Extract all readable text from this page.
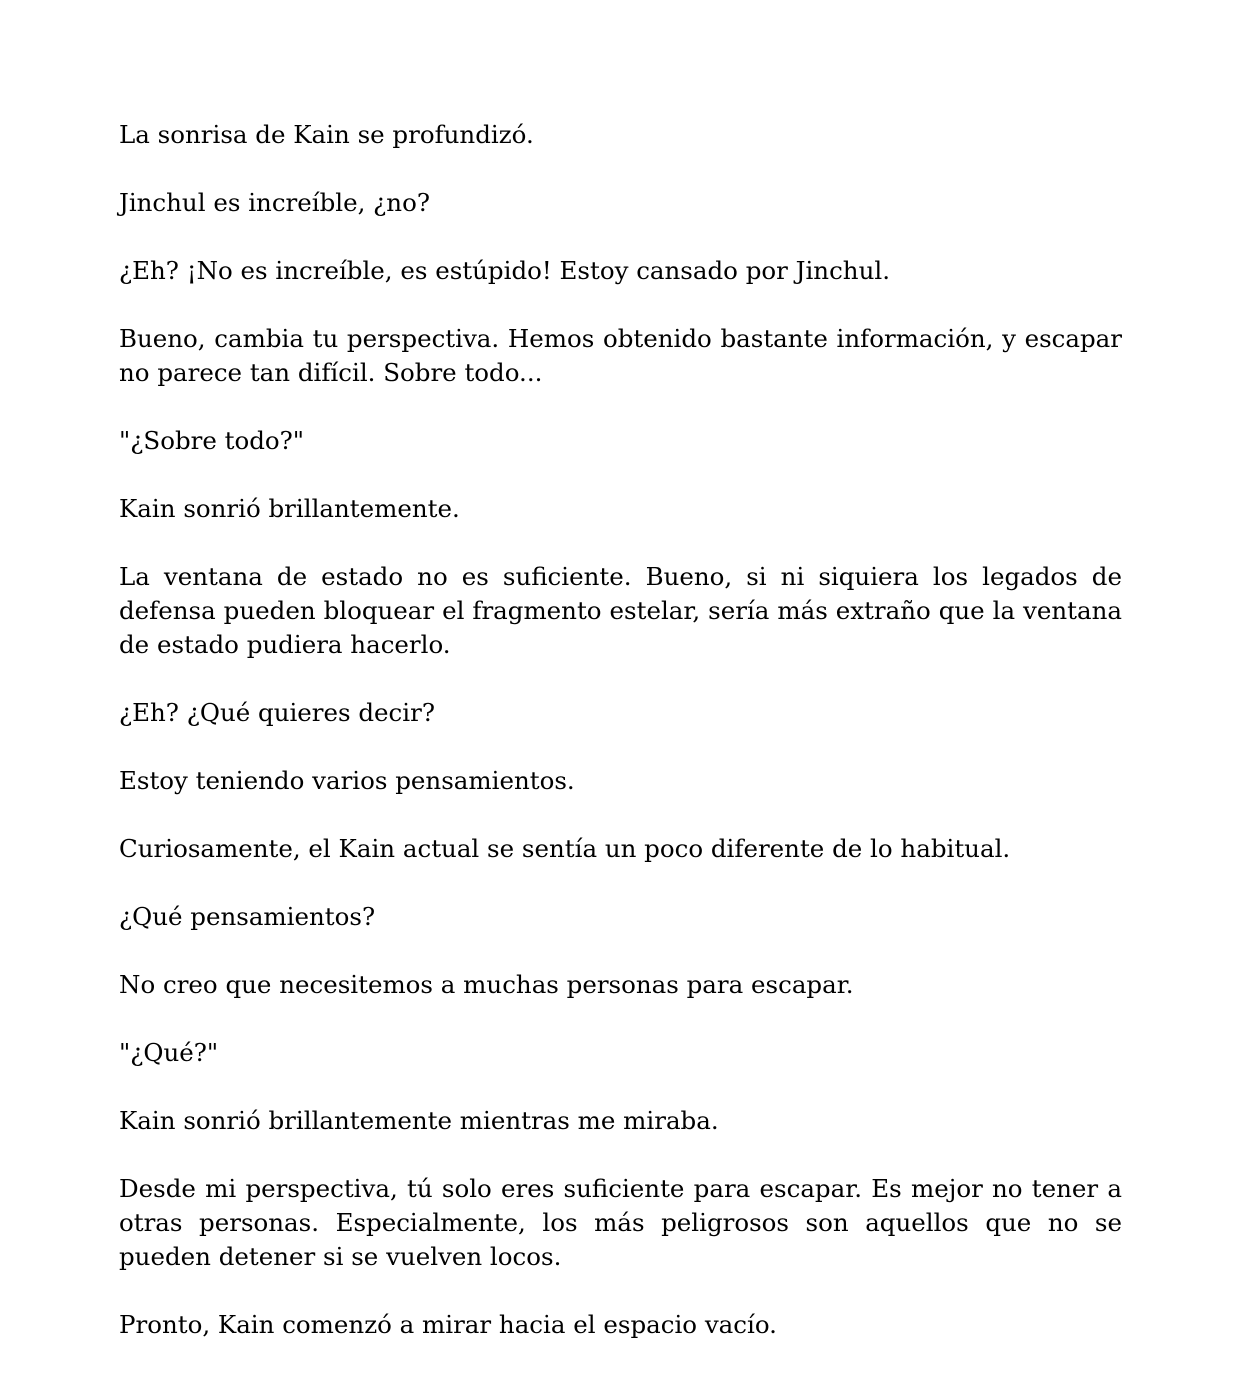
La sonrisa de Kain se profundizó.

Jinchul es increíble, ¿no?

¿Eh? ¡No es increíble, es estúpido! Estoy cansado por Jinchul.

Bueno, cambia tu perspectiva. Hemos obtenido bastante información, y escapar no parece tan difícil. Sobre todo...

"¿Sobre todo?"

Kain sonrió brillantemente.

La ventana de estado no es suficiente. Bueno, si ni siquiera los legados de defensa pueden bloquear el fragmento estelar, sería más extraño que la ventana de estado pudiera hacerlo.

¿Eh? ¿Qué quieres decir?

Estoy teniendo varios pensamientos.

Curiosamente, el Kain actual se sentía un poco diferente de lo habitual.

¿Qué pensamientos?

No creo que necesitemos a muchas personas para escapar.

"¿Qué?"

Kain sonrió brillantemente mientras me miraba.

Desde mi perspectiva, tú solo eres suficiente para escapar. Es mejor no tener a otras personas. Especialmente, los más peligrosos son aquellos que no se pueden detener si se vuelven locos.

Pronto, Kain comenzó a mirar hacia el espacio vacío.
